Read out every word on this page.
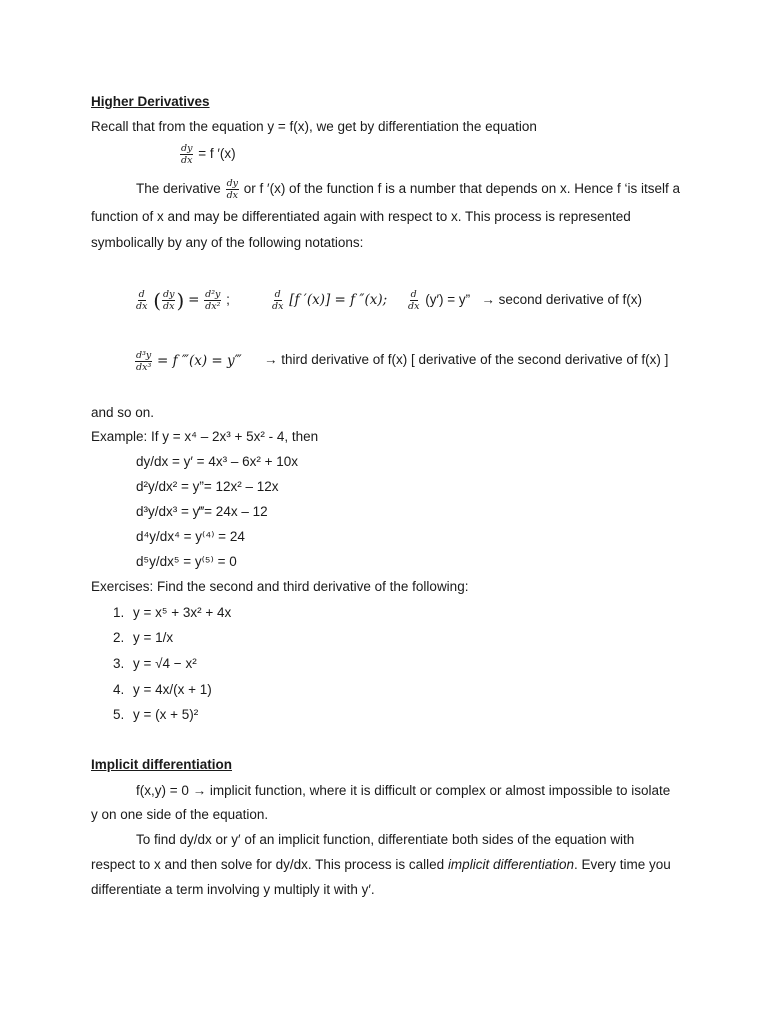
Higher Derivatives
Recall that from the equation y = f(x), we get by differentiation the equation
$\frac{dy}{dx} = f$ ′(x)
The derivative $\frac{dy}{dx}$ or f ′(x) of the function f is a number that depends on x. Hence f ‘is itself a
function of x and may be differentiated again with respect to x. This process is represented
symbolically by any of the following notations:
$\frac{d}{dx}$ ( $\frac{dy}{dx}$ ) = $\frac{\text{d²y}}{\text{dx²}}$ ;	$\frac{d}{dx} [f$ ′(x)] = f ″(x); $\frac{d}{dx} (y') = y$” → second derivative of f(x)
$\frac{\text{d³y}}{\text{dx³}} = f$ ‴(x) = y‴ → third derivative of f(x) [ derivative of the second derivative of f(x) ]
and so on.
Example: If y = x⁴ – 2x³ + 5x² - 4, then
dy/dx = y′ = 4x³ – 6x² + 10x
d²y/dx² = y”= 12x² – 12x
d³y/dx³ = y‴= 24x – 12
d⁴y/dx⁴ = y⁽⁴⁾ = 24
d⁵y/dx⁵ = y⁽⁵⁾ = 0
Exercises: Find the second and third derivative of the following:
1. y = x⁵ + 3x² + 4x
2. y = 1/x
3. y = √4 − x²
4. y = 4x/(x + 1)
5. y = (x + 5)²
Implicit differentiation
f(x,y) = 0 → implicit function, where it is difficult or complex or almost impossible to isolate
y on one side of the equation.
To find dy/dx or y′ of an implicit function, differentiate both sides of the equation with
respect to x and then solve for dy/dx. This process is called implicit differentiation. Every time you
differentiate a term involving y multiply it with y′.
